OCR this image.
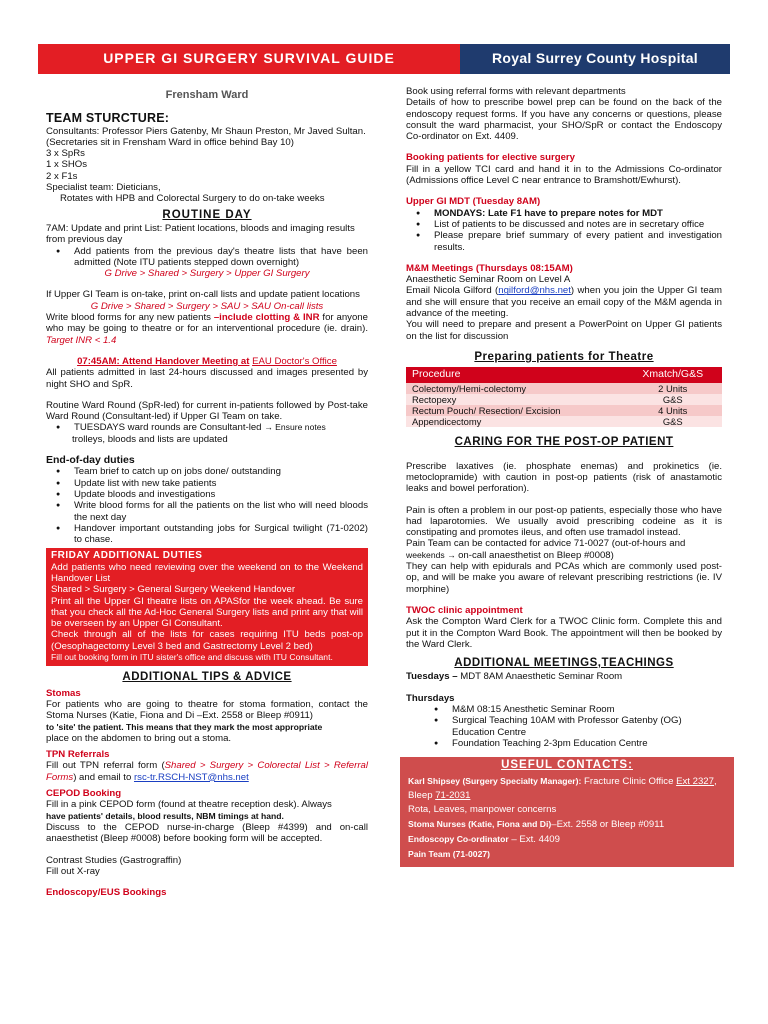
UPPER GI SURGERY SURVIVAL GUIDE	Royal Surrey County Hospital
Frensham Ward
TEAM STURCTURE:
Consultants: Professor Piers Gatenby, Mr Shaun Preston, Mr Javed Sultan. (Secretaries sit in Frensham Ward in office behind Bay 10)
3 x SpRs
1 x SHOs
2 x F1s
Specialist team: Dieticians,
Rotates with HPB and Colorectal Surgery to do on-take weeks
ROUTINE DAY
7AM: Update and print List: Patient locations, bloods and imaging results from previous day
● Add patients from the previous day's theatre lists that have been admitted (Note ITU patients stepped down overnight)
G Drive > Shared > Surgery > Upper GI Surgery
If Upper GI Team is on-take, print on-call lists and update patient locations
G Drive > Shared > Surgery > SAU > SAU On-call lists
Write blood forms for any new patients –include clotting & INR for anyone who may be going to theatre or for an interventional procedure (ie. drain). Target INR < 1.4
07:45AM: Attend Handover Meeting at EAU Doctor's Office
All patients admitted in last 24-hours discussed and images presented by night SHO and SpR.
Routine Ward Round (SpR-led) for current in-patients followed by Post-take Ward Round (Consultant-led) if Upper GI Team on take.
● TUESDAYS ward rounds are Consultant-led → Ensure notes
trolleys, bloods and lists are updated
End-of-day duties
● Team brief to catch up on jobs done/ outstanding
● Update list with new take patients
● Update bloods and investigations
● Write blood forms for all the patients on the list who will need bloods the next day
● Handover important outstanding jobs for Surgical twilight (71-0202) to chase.
FRIDAY ADDITIONAL DUTIES

Add patients who need reviewing over the weekend on to the Weekend Handover List

Shared > Surgery > General Surgery Weekend Handover

Print all the Upper GI theatre lists on APASfor the week ahead. Be sure that you check all the Ad-Hoc General Surgery lists and print any that will be overseen by an Upper GI Consultant.

Check through all of the lists for cases requiring ITU beds post-op (Oesophagectomy Level 3 bed and Gastrectomy Level 2 bed)

Fill out booking form in ITU sister's office and discuss with ITU Consultant.

ADDITIONAL TIPS & ADVICE
Stomas
For patients who are going to theatre for stoma formation, contact the Stoma Nurses (Katie, Fiona and Di –Ext. 2558 or Bleep #0911)
to 'site' the patient. This means that they mark the most appropriate
place on the abdomen to bring out a stoma.
TPN Referrals
Fill out TPN referral form (Shared > Surgery > Colorectal List > Referral Forms) and email to rsc-tr.RSCH-NST@nhs.net
CEPOD Booking
Fill in a pink CEPOD form (found at theatre reception desk). Always
have patients' details, blood results, NBM timings at hand.
Discuss to the CEPOD nurse-in-charge (Bleep #4399) and on-call anaesthetist (Bleep #0008) before booking form will be accepted.
Contrast Studies (Gastrograffin)
Fill out X-ray
Endoscopy/EUS Bookings
Book using referral forms with relevant departments
Details of how to prescribe bowel prep can be found on the back of the endoscopy request forms. If you have any concerns or questions, please consult the ward pharmacist, your SHO/SpR or contact the Endoscopy Co-ordinator on Ext. 4409.
Booking patients for elective surgery
Fill in a yellow TCI card and hand it in to the Admissions Co-ordinator (Admissions office Level C near entrance to Bramshott/Ewhurst).
Upper GI MDT (Tuesday 8AM)
● MONDAYS: Late F1 have to prepare notes for MDT
● List of patients to be discussed and notes are in secretary office
● Please prepare brief summary of every patient and investigation results.
M&M Meetings (Thursdays 08:15AM)
Anaesthetic Seminar Room on Level A
Email Nicola Gilford (ngilford@nhs.net) when you join the Upper GI team and she will ensure that you receive an email copy of the M&M agenda in advance of the meeting.
You will need to prepare and present a PowerPoint on Upper GI patients on the list for discussion
Preparing patients for Theatre
Procedure	Xmatch/G&S
Colectomy/Hemi-colectomy	2 Units
Rectopexy	G&S
Rectum Pouch/ Resection/ Excision	4 Units
Appendicectomy	G&S
CARING FOR THE POST-OP PATIENT
Prescribe laxatives (ie. phosphate enemas) and prokinetics (ie. metoclopramide) with caution in post-op patients (risk of anastamotic leaks and bowel perforation).
Pain is often a problem in our post-op patients, especially those who have had laparotomies. We usually avoid prescribing codeine as it is constipating and promotes ileus, and often use tramadol instead.
Pain Team can be contacted for advice 71-0027 (out-of-hours and
weekends → on-call anaesthetist on Bleep #0008)
They can help with epidurals and PCAs which are commonly used post-op, and will be make you aware of relevant prescribing restrictions (ie. IV morphine)
TWOC clinic appointment
Ask the Compton Ward Clerk for a TWOC Clinic form. Complete this and put it in the Compton Ward Book. The appointment will then be booked by the Ward Clerk.
ADDITIONAL MEETINGS,TEACHINGS
Tuesdays – MDT 8AM Anaesthetic Seminar Room
Thursdays
● M&M 08:15 Anesthetic Seminar Room
● Surgical Teaching 10AM with Professor Gatenby (OG) Education Centre
● Foundation Teaching 2-3pm Education Centre
USEFUL CONTACTS:

Karl Shipsey (Surgery Specialty Manager): Fracture Clinic Office Ext 2327, Bleep 71-2031

Rota, Leaves, manpower concerns

Stoma Nurses (Katie, Fiona and Di)–Ext. 2558 or Bleep #0911

Endoscopy Co-ordinator – Ext. 4409

Pain Team (71-0027)
